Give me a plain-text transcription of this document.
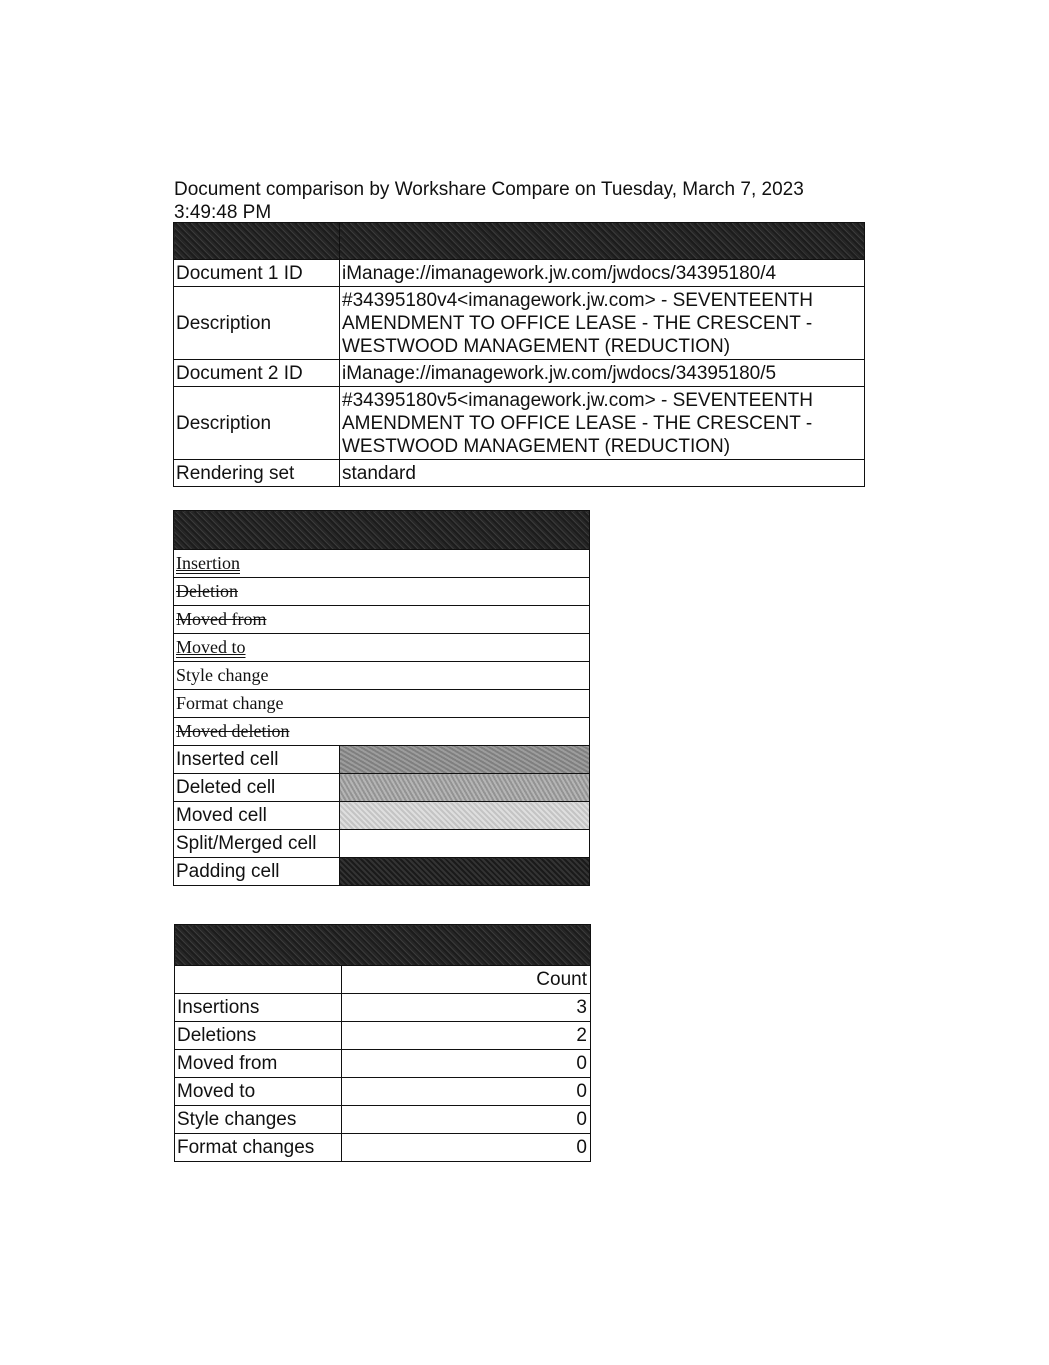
Document comparison by Workshare Compare on Tuesday, March 7, 2023 3:49:48 PM

Document 1 ID	iManage://imanagework.jw.com/jwdocs/34395180/4
Description	#34395180v4<imanagework.jw.com> - SEVENTEENTH AMENDMENT TO OFFICE LEASE - THE CRESCENT - WESTWOOD MANAGEMENT (REDUCTION)
Document 2 ID	iManage://imanagework.jw.com/jwdocs/34395180/5
Description	#34395180v5<imanagework.jw.com> - SEVENTEENTH AMENDMENT TO OFFICE LEASE - THE CRESCENT - WESTWOOD MANAGEMENT (REDUCTION)
Rendering set	standard

Insertion	
Deletion	
Moved from	
Moved to	
Style change	
Format change	
Moved deletion	
Inserted cell	
Deleted cell	
Moved cell	
Split/Merged cell	
Padding cell	

	Count
Insertions	3
Deletions	2
Moved from	0
Moved to	0
Style changes	0
Format changes	0
